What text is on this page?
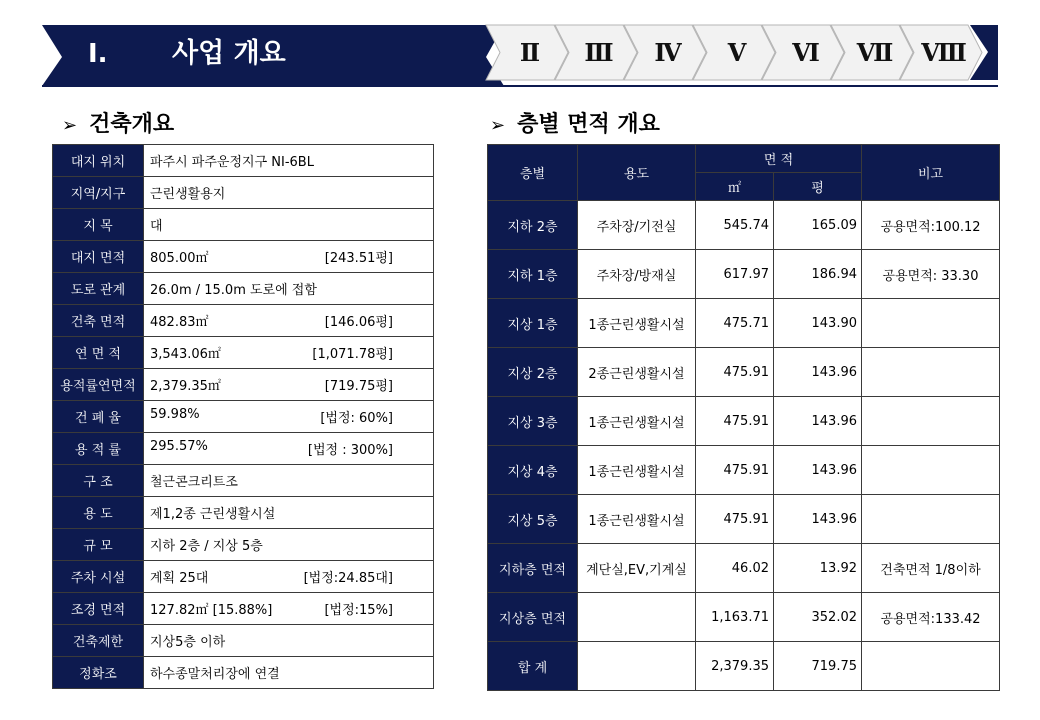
Ⅰ. 사업 개요	Ⅱ Ⅲ Ⅳ Ⅴ Ⅵ Ⅶ Ⅷ
➢ 건축개요	➢ 층별 면적 개요
대지 위치	파주시 파주운정지구 NI-6BL
지역/지구	근린생활용지
지 목	대
대지 면적	805.00㎡ [243.51평]

도로 관계	26.0m / 15.0m 도로에 접함
건축 면적	482.83㎡ [146.06평]

연 면 적	3,543.06㎡ [1,071.78평]

용적률연면적	2,379.35㎡ [719.75평]

건 폐 율	59.98% [법정: 60%]

용 적 률	295.57% [법정 : 300%]

구 조	철근콘크리트조
용 도	제1,2종 근린생활시설
규 모	지하 2층 / 지상 5층
주차 시설	계획 25대 [법정:24.85대]

조경 면적	127.82㎡ [15.88%] [법정:15%]

건축제한	지상5층 이하
정화조	하수종말처리장에 연결
층별	용도	면 적		비고
		㎡	평	
지하 2층	주차장/기전실	545.74	165.09	공용면적:100.12
지하 1층	주차장/방재실	617.97	186.94	공용면적: 33.30
지상 1층	1종근린생활시설	475.71	143.90	
지상 2층	2종근린생활시설	475.91	143.96	
지상 3층	1종근린생활시설	475.91	143.96	
지상 4층	1종근린생활시설	475.91	143.96	
지상 5층	1종근린생활시설	475.91	143.96	
지하층 면적	계단실,EV,기계실	46.02	13.92	건축면적 1/8이하
지상층 면적		1,163.71	352.02	공용면적:133.42
합 계		2,379.35	719.75	
